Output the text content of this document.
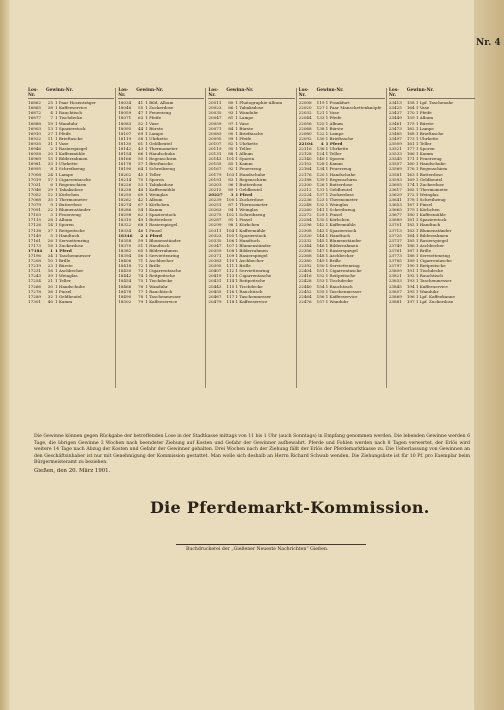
Nr. 4
Los-Nr.
Gewinn-Nr.
16862	25 1 Paar Hosenträger
16865	38 1 Kaffeeservice
16872	4 1 Rauchtisch
16877	7 1 Tischdecke
16888	19 1 Wanduhr
16903	13 1 Spazierstock
16910	27 1 Pfeife
16922	11 1 Brieftasche
16935	31 1 Vase
16946	2 1 Rasierspiegel
16958	20 1 Kaffeemühle
16969	15 1 Bilderrahmen
16981	33 1 Uhrkette
16995	8 1 Schreibzeug
17008	24 1 Lampe
17019	17 1 Cigarrentasche
17031	6 1 Regenschirm
17046	29 1 Tabaksdose
17052	12 1 Körbchen
17068	35 1 Thermometer
17079	9 1 Butterdose
17091	22 1 Blumenständer
17103	3 1 Feuerzeug
17115	28 1 Album
17126	14 1 Sporen
17138	37 1 Reitpeitsche
17149	5 1 Handtuch
17161	26 1 Serviettenring
17173	18 1 Zuckerdose
17184	1 1 Pferd
17196	34 1 Taschenmesser
17208	10 1 Brille
17219	23 1 Bürste
17231	16 1 Aschbecher
17243	39 1 Weinglas
17254	21 1 Teller
17266	30 1 Handschuhe
17278	36 1 Pinsel
17289	32 1 Geldbeutel
17301	40 1 Kamm
Los-Nr.
Gewinn-Nr.
18034	41 1 Bild, Album
18046	55 1 Zuckerdose
18059	47 1 Feuerzeug
18071	63 1 Pfeife
18083	52 1 Vase
18095	44 1 Bürste
18107	69 1 Lampe
18119	58 1 Uhrkette
18130	61 1 Geldbeutel
18142	43 1 Thermometer
18154	66 1 Handschuhe
18166	50 1 Regenschirm
18178	57 1 Brieftasche
18190	64 1 Schreibzeug
18202	45 1 Teller
18214	70 1 Sporen
18226	53 1 Tabaksdose
18238	48 1 Kaffeemühle
18250	60 1 Weinglas
18262	42 1 Album
18274	67 1 Körbchen
18286	54 1 Kamm
18298	62 1 Spazierstock
18310	49 1 Butterdose
18322	68 1 Rasierspiegel
18334	46 1 Pinsel
18346	2 1 Pferd
18358	59 1 Blumenständer
18370	51 1 Handtuch
18382	65 1 Bilderrahmen
18394	56 1 Serviettenring
18406	71 1 Aschbecher
18418	72 1 Brille
18430	73 1 Cigarrentasche
18442	74 1 Reitpeitsche
18454	75 1 Tischdecke
18466	76 1 Wanduhr
18478	77 1 Rauchtisch
18490	78 1 Taschenmesser
18502	79 1 Kaffeeservice
Los-Nr.
Gewinn-Nr.
20011	80 1 Photographie-Album
20023	86 1 Tabaksdose
20035	93 1 Wanduhr
20047	81 1 Lampe
20059	97 1 Vase
20071	84 1 Bürste
20083	90 1 Brieftasche
20095	99 1 Pfeife
20107	82 1 Uhrkette
20119	95 1 Teller
20131	88 1 Album
20143	101 1 Sporen
20155	85 1 Kamm
20167	92 1 Feuerzeug
20179	103 1 Handschuhe
20191	83 1 Regenschirm
20203	96 1 Butterdose
20215	89 1 Geldbeutel
20227	3 1 Pferd
20239	100 1 Zuckerdose
20251	87 1 Thermometer
20263	94 1 Weinglas
20275	102 1 Schreibzeug
20287	91 1 Pinsel
20299	98 1 Körbchen
20311	104 1 Kaffeemühle
20323	105 1 Spazierstock
20335	106 1 Handtuch
20347	107 1 Blumenständer
20359	108 1 Bilderrahmen
20371	109 1 Rasierspiegel
20383	110 1 Aschbecher
20395	111 1 Brille
20407	112 1 Serviettenring
20419	113 1 Cigarrentasche
20431	114 1 Reitpeitsche
20443	115 1 Tischdecke
20455	116 1 Rauchtisch
20467	117 1 Taschenmesser
20479	118 1 Kaffeeservice
Los-Nr.
Gewinn-Nr.
22008	119 1 Frankfurt
22020	127 1 Paar Manschettenknöpfe
22032	121 1 Vase
22044	133 1 Pfeife
22056	125 1 Album
22068	138 1 Bürste
22080	122 1 Lampe
22092	130 1 Brieftasche
22104	4 1 Pferd
22116	136 1 Uhrkette
22128	124 1 Teller
22140	140 1 Sporen
22152	128 1 Kamm
22164	134 1 Feuerzeug
22176	120 1 Handschuhe
22188	139 1 Regenschirm
22200	126 1 Butterdose
22212	131 1 Geldbeutel
22224	137 1 Zuckerdose
22236	123 1 Thermometer
22248	132 1 Weinglas
22260	141 1 Schreibzeug
22272	129 1 Pinsel
22284	135 1 Körbchen
22296	142 1 Kaffeemühle
22308	143 1 Spazierstock
22320	144 1 Handtuch
22332	145 1 Blumenständer
22344	146 1 Bilderrahmen
22356	147 1 Rasierspiegel
22368	148 1 Aschbecher
22380	149 1 Brille
22392	150 1 Serviettenring
22404	151 1 Cigarrentasche
22416	152 1 Reitpeitsche
22428	153 1 Tischdecke
22440	154 1 Rauchtisch
22452	155 1 Taschenmesser
22464	156 1 Kaffeeservice
22476	157 1 Wanduhr
Los-Nr.
Gewinn-Nr.
23413	158 1 Lpf. Taschenuhr
23425	164 1 Vase
23437	170 1 Pfeife
23449	159 1 Album
23461	175 1 Bürste
23473	162 1 Lampe
23485	168 1 Brieftasche
23497	173 1 Uhrkette
23509	161 1 Teller
23521	177 1 Sporen
23533	166 1 Kamm
23545	171 1 Feuerzeug
23557	160 1 Handschuhe
23569	176 1 Regenschirm
23581	163 1 Butterdose
23593	169 1 Geldbeutel
23605	174 1 Zuckerdose
23617	165 1 Thermometer
23629	172 1 Weinglas
23641	178 1 Schreibzeug
23653	167 1 Pinsel
23665	179 1 Körbchen
23677	180 1 Kaffeemühle
23689	181 1 Spazierstock
23701	182 1 Handtuch
23713	183 1 Blumenständer
23725	184 1 Bilderrahmen
23737	185 1 Rasierspiegel
23749	186 1 Aschbecher
23761	187 1 Brille
23773	188 1 Serviettenring
23785	189 1 Cigarrentasche
23797	190 1 Reitpeitsche
23809	191 1 Tischdecke
23821	192 1 Rauchtisch
23833	193 1 Taschenmesser
23845	194 1 Kaffeeservice
23857	195 1 Wanduhr
23869	196 1 Lpf. Kaffeekanne
23881	197 1 Lpf. Zuckerdose
Die Gewinne können gegen Rückgabe der betreffenden Lose in der Stadtkasse mittags von 11 bis 1 Uhr (auch Sonntags) in Empfang genommen werden. Die lebenden Gewinne werden 6 Tage, die übrigen Gewinne 3 Wochen nach beendeter Ziehung auf Kosten und Gefahr der Gewinner aufbewahrt. Pferde und Fohlen werden nach 8 Tagen verwertet, der Erlös wird weitere 14 Tage nach Abzug der Kosten und Gefahr der Gewinner gehalten. Drei Wochen nach der Ziehung fällt der Erlös der Pferdemarktkasse zu. Die Ueberlassung von Gewinnen an den Geschäftsinhaber ist nur mit Genehmigung der Kommission gestattet. Man wolle sich deshalb an Herrn Richard Schwab wenden. Die Ziehungsliste ist für 10 Pf. pro Exemplar beim Bürgermeisteramt zu beziehen.
Gießen, den 20. März 1901.
Die Pferdemarkt-Kommission.
Buchdruckerei der „Gießener Neueste Nachrichten“ Gießen.
